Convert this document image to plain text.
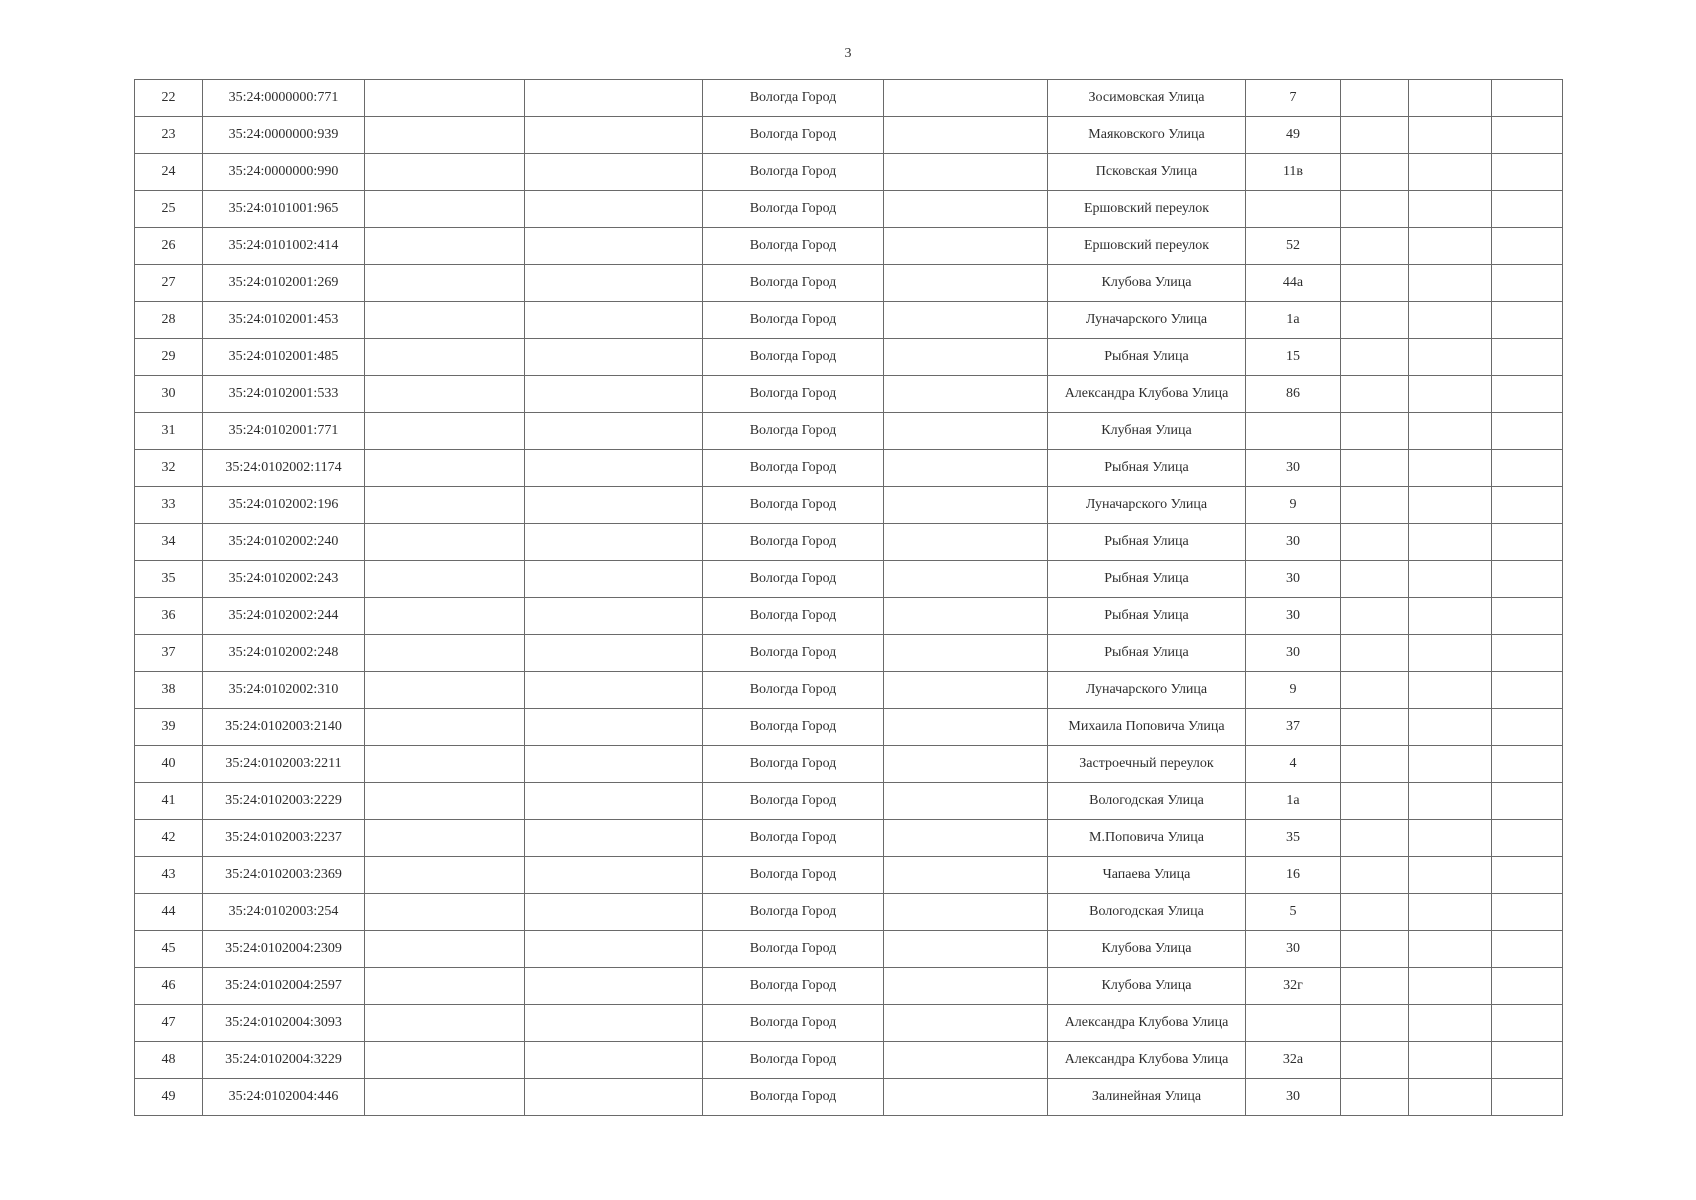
3
22	35:24:0000000:771			Вологда Город		Зосимовская Улица	7			
23	35:24:0000000:939			Вологда Город		Маяковского Улица	49			
24	35:24:0000000:990			Вологда Город		Псковская Улица	11в			
25	35:24:0101001:965			Вологда Город		Ершовский переулок				
26	35:24:0101002:414			Вологда Город		Ершовский переулок	52			
27	35:24:0102001:269			Вологда Город		Клубова Улица	44а			
28	35:24:0102001:453			Вологда Город		Луначарского Улица	1а			
29	35:24:0102001:485			Вологда Город		Рыбная Улица	15			
30	35:24:0102001:533			Вологда Город		Александра Клубова Улица	86			
31	35:24:0102001:771			Вологда Город		Клубная Улица				
32	35:24:0102002:1174			Вологда Город		Рыбная Улица	30			
33	35:24:0102002:196			Вологда Город		Луначарского Улица	9			
34	35:24:0102002:240			Вологда Город		Рыбная Улица	30			
35	35:24:0102002:243			Вологда Город		Рыбная Улица	30			
36	35:24:0102002:244			Вологда Город		Рыбная Улица	30			
37	35:24:0102002:248			Вологда Город		Рыбная Улица	30			
38	35:24:0102002:310			Вологда Город		Луначарского Улица	9			
39	35:24:0102003:2140			Вологда Город		Михаила Поповича Улица	37			
40	35:24:0102003:2211			Вологда Город		Застроечный переулок	4			
41	35:24:0102003:2229			Вологда Город		Вологодская Улица	1а			
42	35:24:0102003:2237			Вологда Город		М.Поповича Улица	35			
43	35:24:0102003:2369			Вологда Город		Чапаева Улица	16			
44	35:24:0102003:254			Вологда Город		Вологодская Улица	5			
45	35:24:0102004:2309			Вологда Город		Клубова Улица	30			
46	35:24:0102004:2597			Вологда Город		Клубова Улица	32г			
47	35:24:0102004:3093			Вологда Город		Александра Клубова Улица				
48	35:24:0102004:3229			Вологда Город		Александра Клубова Улица	32а			
49	35:24:0102004:446			Вологда Город		Залинейная Улица	30			
